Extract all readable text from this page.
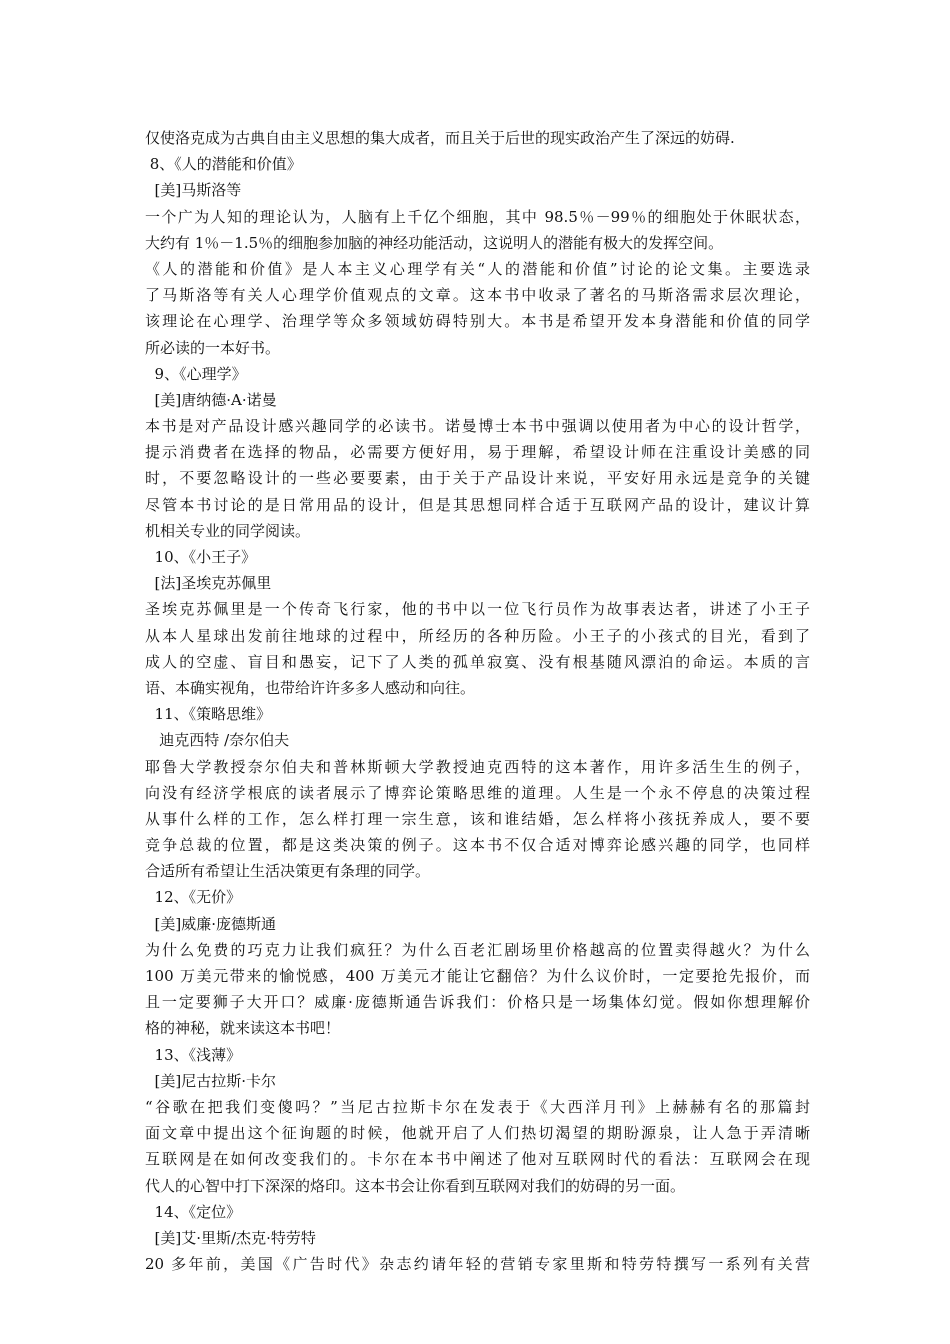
仅使洛克成为古典自由主义思想的集大成者，而且关于后世的现实政治产生了深远的妨碍.
8、《人的潜能和价值》
[美]马斯洛等
一个广为人知的理论认为，人脑有上千亿个细胞，其中 98.5％－99％的细胞处于休眠状态，
大约有 1％－1.5％的细胞参加脑的神经功能活动，这说明人的潜能有极大的发挥空间。
《人的潜能和价值》是人本主义心理学有关“人的潜能和价值”讨论的论文集。主要选录
了马斯洛等有关人心理学价值观点的文章。这本书中收录了著名的马斯洛需求层次理论，
该理论在心理学、治理学等众多领域妨碍特别大。本书是希望开发本身潜能和价值的同学
所必读的一本好书。
9、《心理学》
[美]唐纳德·A·诺曼
本书是对产品设计感兴趣同学的必读书。诺曼博士本书中强调以使用者为中心的设计哲学，
提示消费者在选择的物品，必需要方便好用，易于理解，希望设计师在注重设计美感的同
时，不要忽略设计的一些必要要素，由于关于产品设计来说，平安好用永远是竞争的关键
尽管本书讨论的是日常用品的设计，但是其思想同样合适于互联网产品的设计，建议计算
机相关专业的同学阅读。
10、《小王子》
[法]圣埃克苏佩里
圣埃克苏佩里是一个传奇飞行家，他的书中以一位飞行员作为故事表达者，讲述了小王子
从本人星球出发前往地球的过程中，所经历的各种历险。小王子的小孩式的目光，看到了
成人的空虚、盲目和愚妄，记下了人类的孤单寂寞、没有根基随风漂泊的命运。本质的言
语、本确实视角，也带给许许多多人感动和向往。
11、《策略思维》
迪克西特 /奈尔伯夫
耶鲁大学教授奈尔伯夫和普林斯顿大学教授迪克西特的这本著作，用许多活生生的例子，
向没有经济学根底的读者展示了博弈论策略思维的道理。人生是一个永不停息的决策过程
从事什么样的工作，怎么样打理一宗生意，该和谁结婚，怎么样将小孩抚养成人，要不要
竞争总裁的位置，都是这类决策的例子。这本书不仅合适对博弈论感兴趣的同学，也同样
合适所有希望让生活决策更有条理的同学。
12、《无价》
[美]威廉·庞德斯通
为什么免费的巧克力让我们疯狂？为什么百老汇剧场里价格越高的位置卖得越火？为什么
100 万美元带来的愉悦感，400 万美元才能让它翻倍？为什么议价时，一定要抢先报价，而
且一定要狮子大开口？威廉·庞德斯通告诉我们：价格只是一场集体幻觉。假如你想理解价
格的神秘，就来读这本书吧！
13、《浅薄》
[美]尼古拉斯·卡尔
“谷歌在把我们变傻吗？”当尼古拉斯卡尔在发表于《大西洋月刊》上赫赫有名的那篇封
面文章中提出这个征询题的时候，他就开启了人们热切渴望的期盼源泉，让人急于弄清晰
互联网是在如何改变我们的。卡尔在本书中阐述了他对互联网时代的看法：互联网会在现
代人的心智中打下深深的烙印。这本书会让你看到互联网对我们的妨碍的另一面。
14、《定位》
[美]艾·里斯/杰克·特劳特
20 多年前，美国《广告时代》杂志约请年轻的营销专家里斯和特劳特撰写一系列有关营
